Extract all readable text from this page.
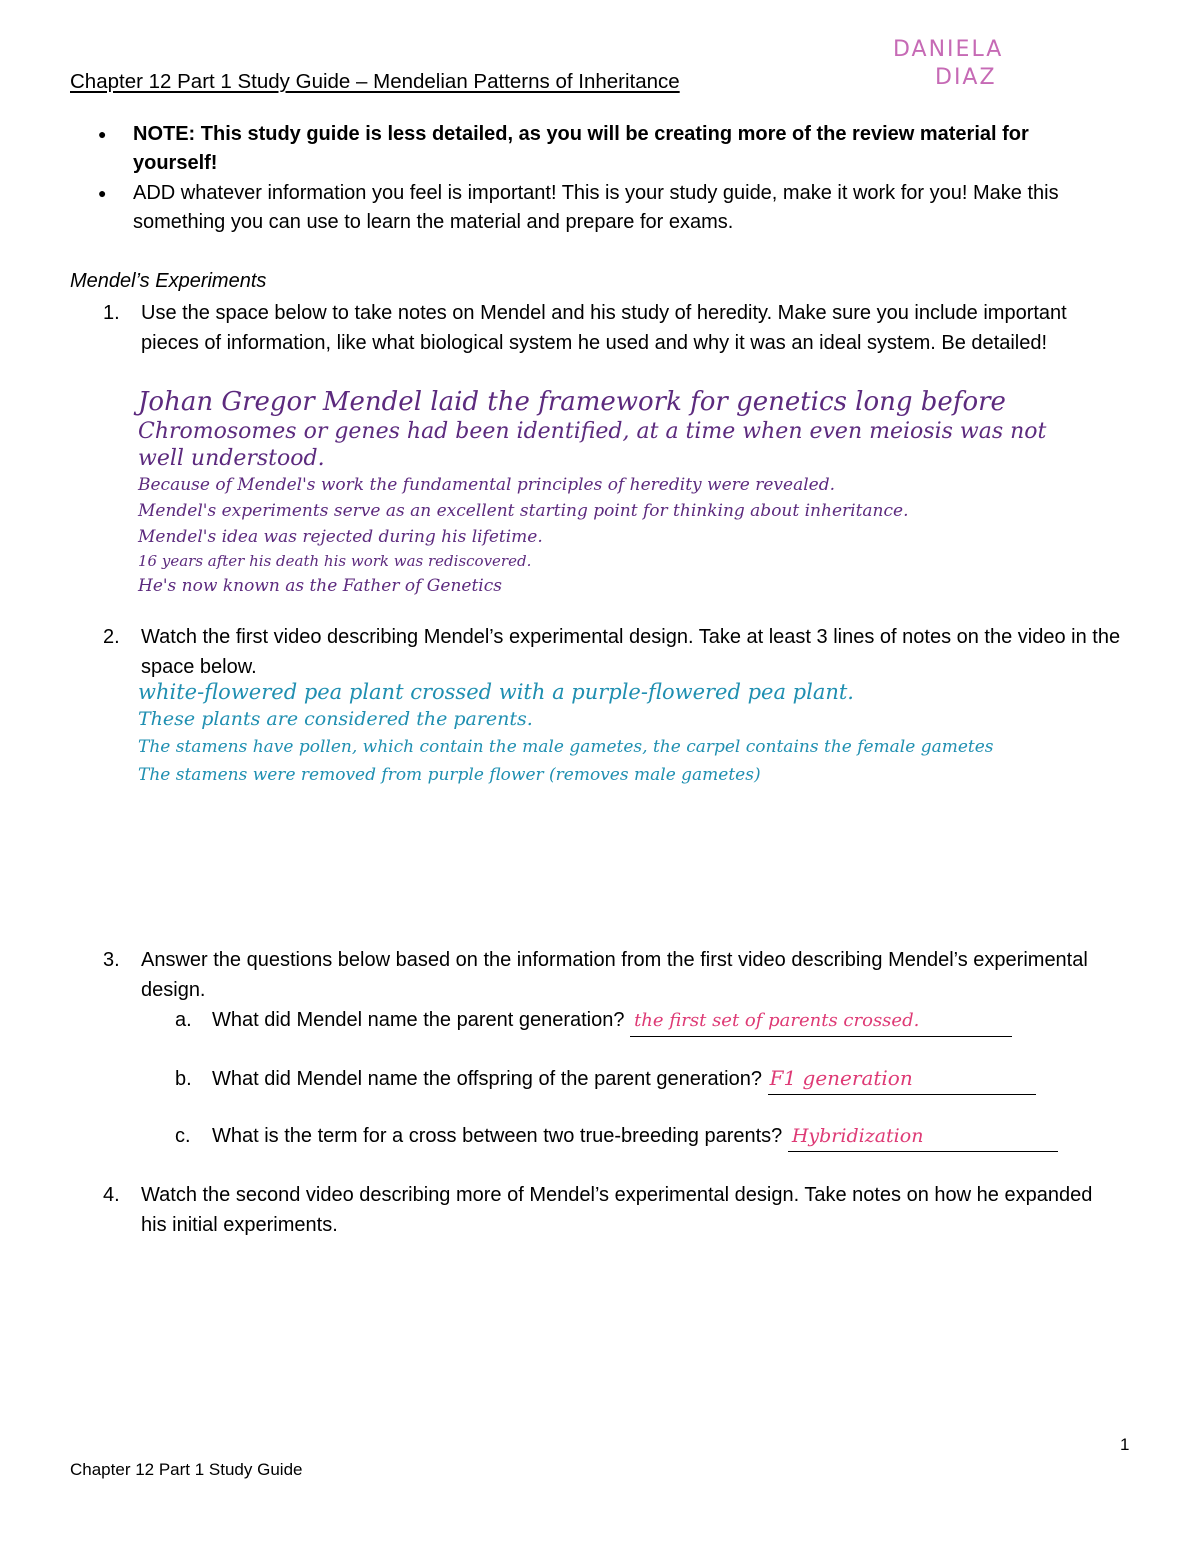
DANIELA
DIAZ
Chapter 12 Part 1 Study Guide – Mendelian Patterns of Inheritance
● NOTE: This study guide is less detailed, as you will be creating more of the review material for yourself!
● ADD whatever information you feel is important! This is your study guide, make it work for you! Make this something you can use to learn the material and prepare for exams.
Mendel’s Experiments
1. Use the space below to take notes on Mendel and his study of heredity. Make sure you include important pieces of information, like what biological system he used and why it was an ideal system. Be detailed!
Johan Gregor Mendel laid the framework for genetics long before
Chromosomes or genes had been identified, at a time when even meiosis was not
well understood.
Because of Mendel's work the fundamental principles of heredity were revealed.
Mendel's experiments serve as an excellent starting point for thinking about inheritance.
Mendel's idea was rejected during his lifetime.
16 years after his death his work was rediscovered.
He's now known as the Father of Genetics
2. Watch the first video describing Mendel’s experimental design. Take at least 3 lines of notes on the video in the space below.
white-flowered pea plant crossed with a purple-flowered pea plant.
These plants are considered the parents.
The stamens have pollen, which contain the male gametes, the carpel contains the female gametes
The stamens were removed from purple flower (removes male gametes)
3. Answer the questions below based on the information from the first video describing Mendel’s experimental design.
a. What did Mendel name the parent generation? the first set of parents crossed.
b. What did Mendel name the offspring of the parent generation? F1 generation
c. What is the term for a cross between two true-breeding parents? Hybridization
4. Watch the second video describing more of Mendel’s experimental design. Take notes on how he expanded his initial experiments.
1
Chapter 12 Part 1 Study Guide
